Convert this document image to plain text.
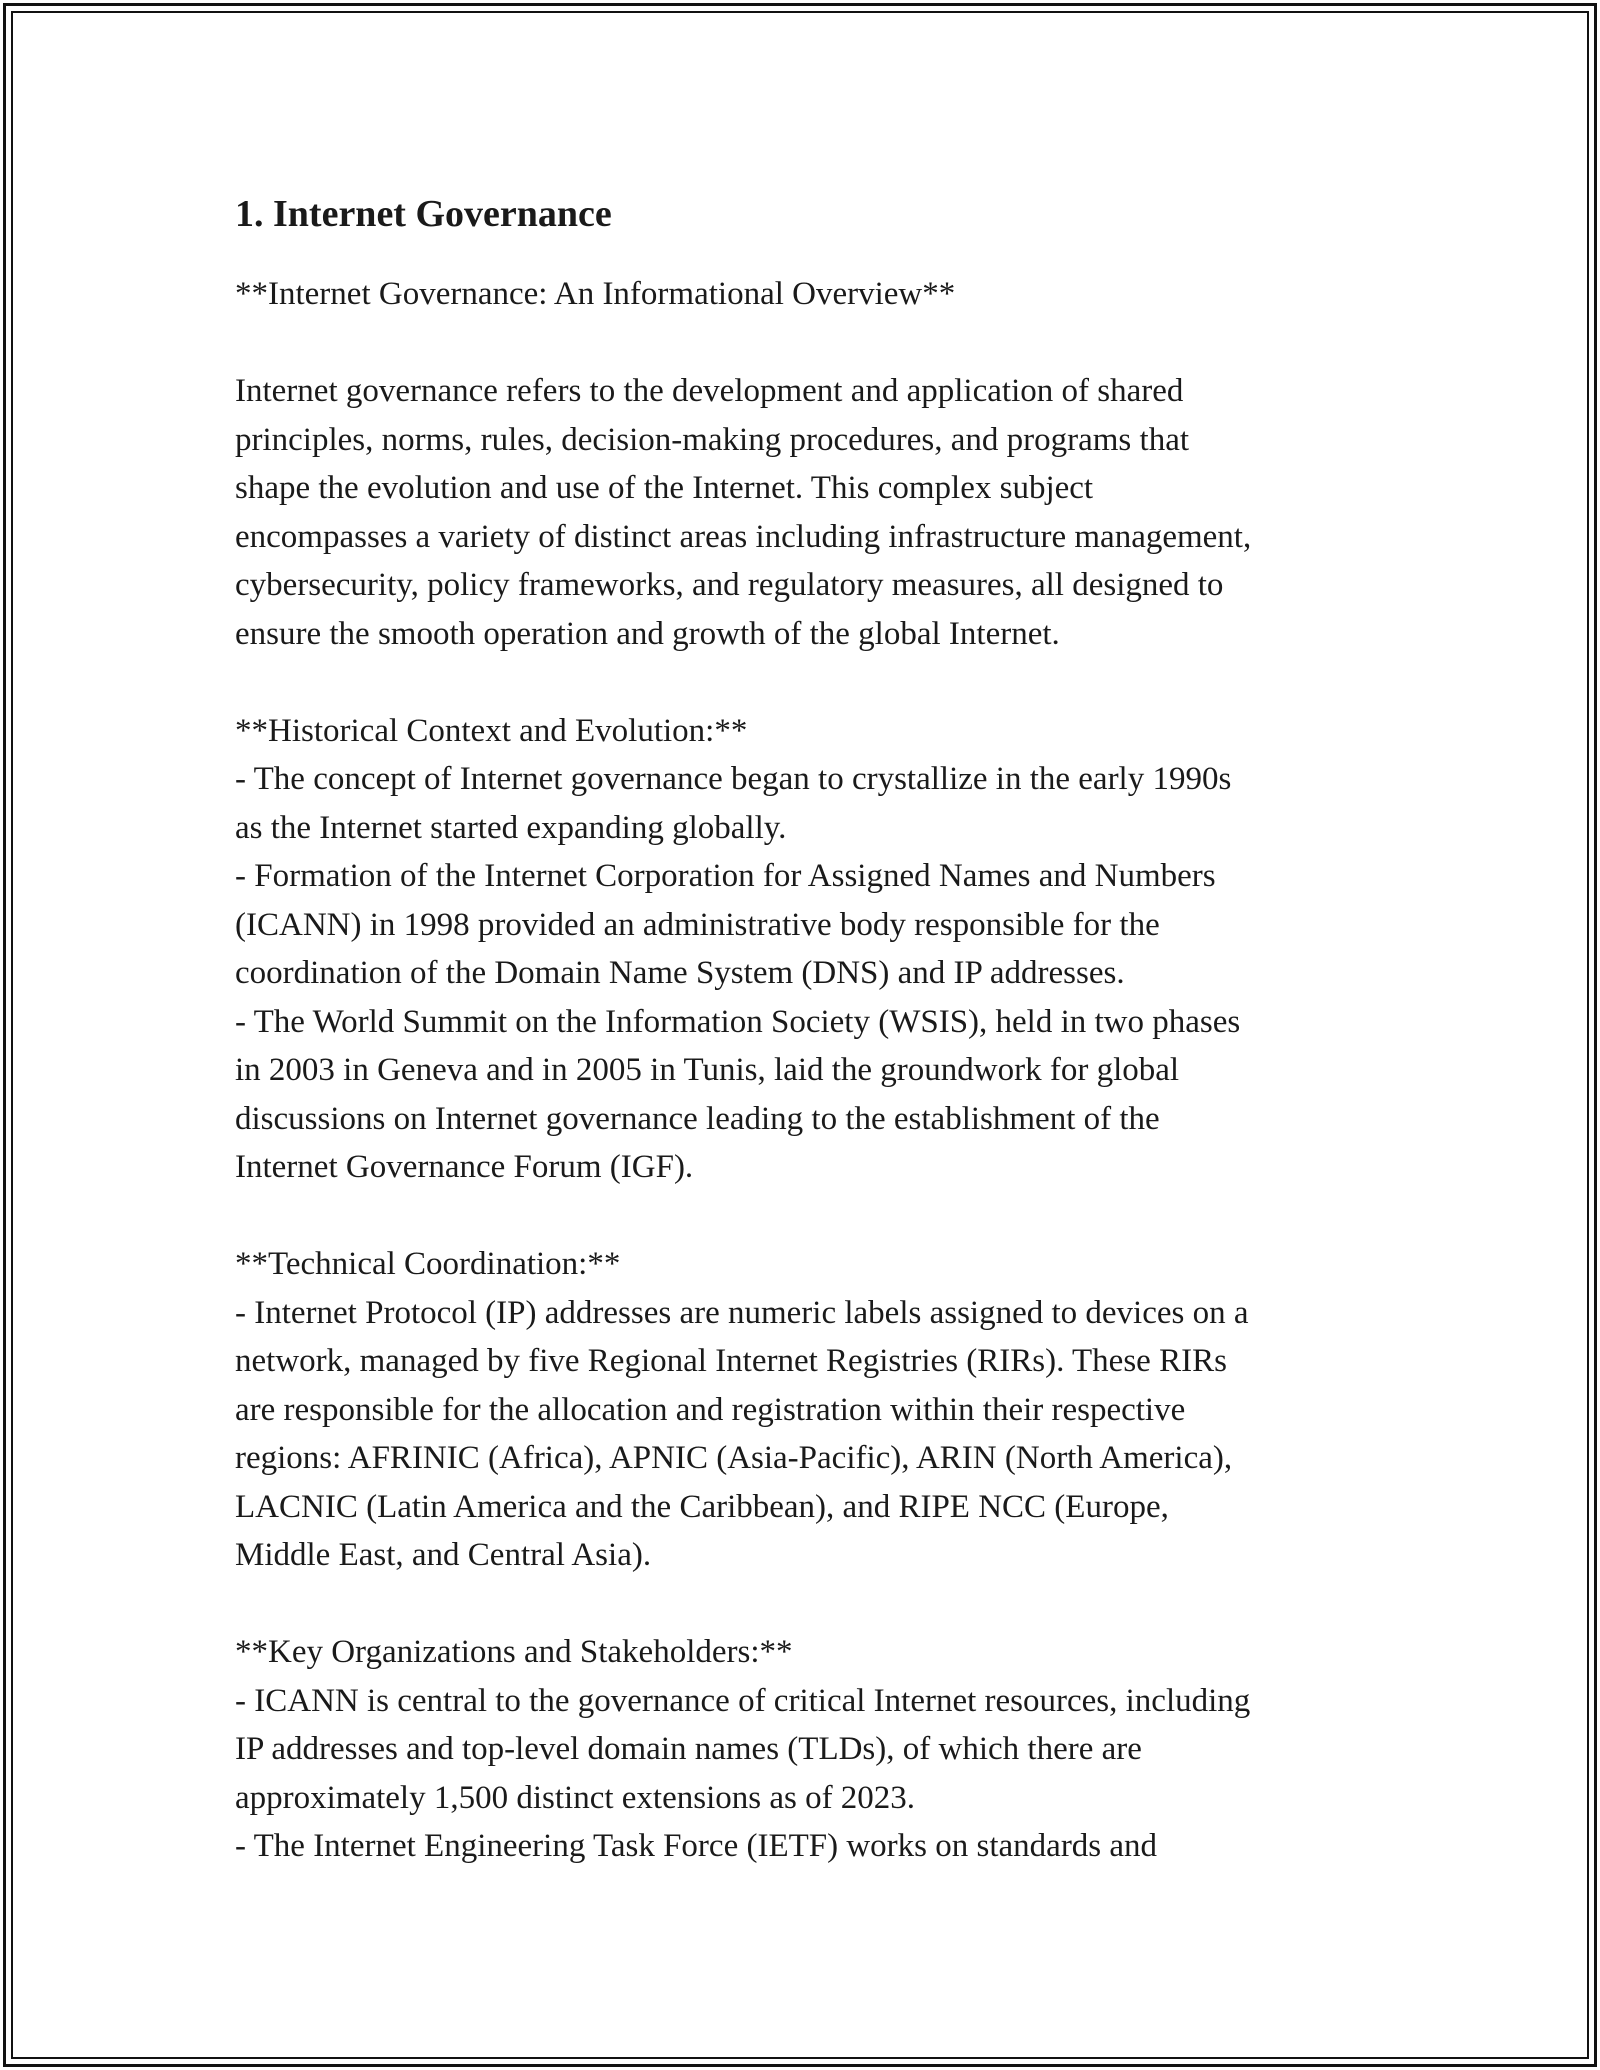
1. Internet Governance

**Internet Governance: An Informational Overview**

Internet governance refers to the development and application of shared
principles, norms, rules, decision-making procedures, and programs that
shape the evolution and use of the Internet. This complex subject
encompasses a variety of distinct areas including infrastructure management,
cybersecurity, policy frameworks, and regulatory measures, all designed to
ensure the smooth operation and growth of the global Internet.

**Historical Context and Evolution:**
- The concept of Internet governance began to crystallize in the early 1990s
as the Internet started expanding globally.
- Formation of the Internet Corporation for Assigned Names and Numbers
(ICANN) in 1998 provided an administrative body responsible for the
coordination of the Domain Name System (DNS) and IP addresses.
- The World Summit on the Information Society (WSIS), held in two phases
in 2003 in Geneva and in 2005 in Tunis, laid the groundwork for global
discussions on Internet governance leading to the establishment of the
Internet Governance Forum (IGF).

**Technical Coordination:**
- Internet Protocol (IP) addresses are numeric labels assigned to devices on a
network, managed by five Regional Internet Registries (RIRs). These RIRs
are responsible for the allocation and registration within their respective
regions: AFRINIC (Africa), APNIC (Asia-Pacific), ARIN (North America),
LACNIC (Latin America and the Caribbean), and RIPE NCC (Europe,
Middle East, and Central Asia).

**Key Organizations and Stakeholders:**
- ICANN is central to the governance of critical Internet resources, including
IP addresses and top-level domain names (TLDs), of which there are
approximately 1,500 distinct extensions as of 2023.
- The Internet Engineering Task Force (IETF) works on standards and
